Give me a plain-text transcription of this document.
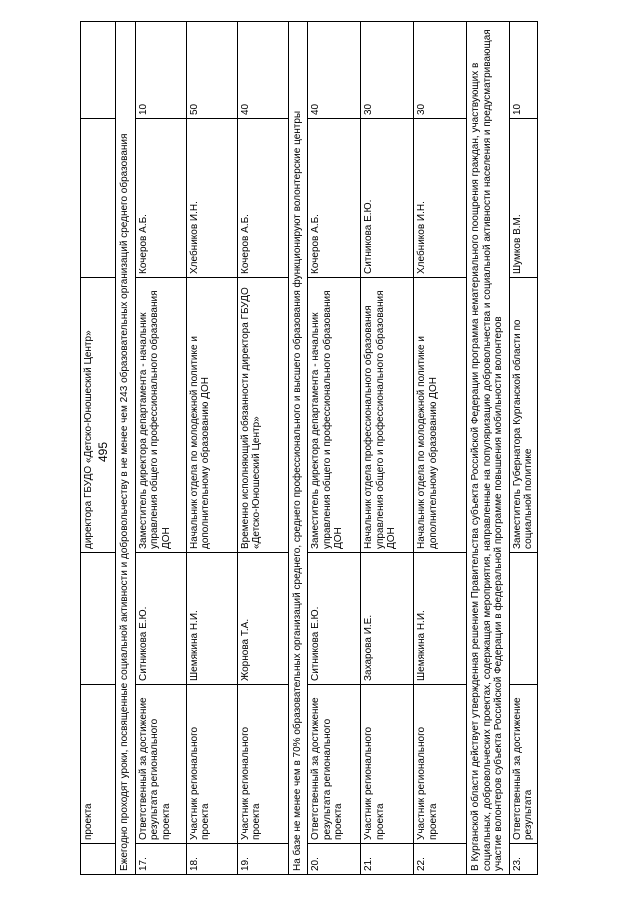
495
	проекта		директора ГБУДО «Детско-Юношеский Центр»		
Ежегодно проходят уроки, посвященные социальной активности и добровольчеству в не менее чем 243 образовательных организаций среднего образования					
17.	Ответственный за достижение результата регионального проекта	Ситникова Е.Ю.	Заместитель директора департамента - начальник управления общего и профессионального образования ДОН	Кочеров А.Б.	10
18.	Участник регионального проекта	Шемякина Н.И.	Начальник отдела по молодежной политике и дополнительному образованию ДОН	Хлебников И.Н.	50
19.	Участник регионального проекта	Жорнова Т.А.	Временно исполняющий обязанности директора ГБУДО «Детско-Юношеский Центр»	Кочеров А.Б.	40
На базе не менее чем в 70% образовательных организаций среднего, среднего профессионального и высшего образования функционируют волонтерские центры					
20.	Ответственный за достижение результата регионального проекта	Ситникова Е.Ю.	Заместитель директора департамента - начальник управления общего и профессионального образования ДОН	Кочеров А.Б.	40
21.	Участник регионального проекта	Захарова И.Е.	Начальник отдела профессионального образования управления общего и профессионального образования ДОН	Ситникова Е.Ю.	30
22.	Участник регионального проекта	Шемякина Н.И.	Начальник отдела по молодежной политике и дополнительному образованию ДОН	Хлебников И.Н.	30
В Курганской области действует утвержденная решением Правительства субъекта Российской Федерации программа нематериального поощрения граждан, участвующих в социальных, добровольческих проектах, содержащая мероприятия, направленные на популяризацию добровольчества и социальной активности населения и предусматривающая участие волонтеров субъекта Российской Федерации в федеральной программе повышения мобильности волонтеров					
23.	Ответственный за достижение результата		Заместитель Губернатора Курганской области по социальной политике	Шумков В.М.	10
